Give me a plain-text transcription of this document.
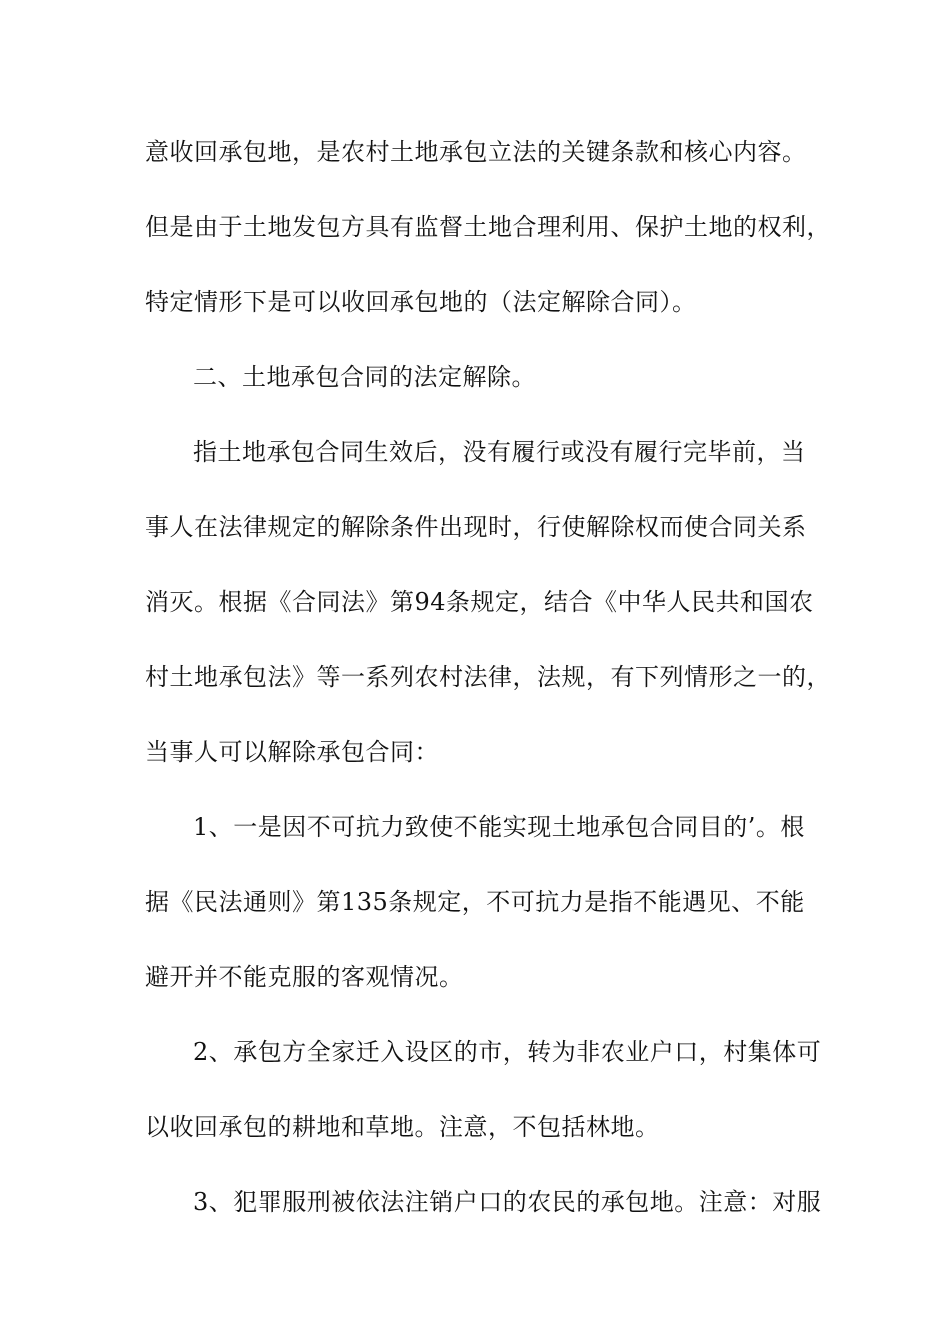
意收回承包地，是农村土地承包立法的关键条款和核心内容。
但是由于土地发包方具有监督土地合理利用、保护土地的权利，
特定情形下是可以收回承包地的（法定解除合同）。
二、土地承包合同的法定解除。
指土地承包合同生效后，没有履行或没有履行完毕前，当
事人在法律规定的解除条件出现时，行使解除权而使合同关系
消灭。根据《合同法》第94条规定，结合《中华人民共和国农
村土地承包法》等一系列农村法律，法规，有下列情形之一的，
当事人可以解除承包合同：
1、一是因不可抗力致使不能实现土地承包合同目的’。根
据《民法通则》第135条规定，不可抗力是指不能遇见、不能
避开并不能克服的客观情况。
2、承包方全家迁入设区的市，转为非农业户口，村集体可
以收回承包的耕地和草地。注意，不包括林地。
3、犯罪服刑被依法注销户口的农民的承包地。注意：对服
